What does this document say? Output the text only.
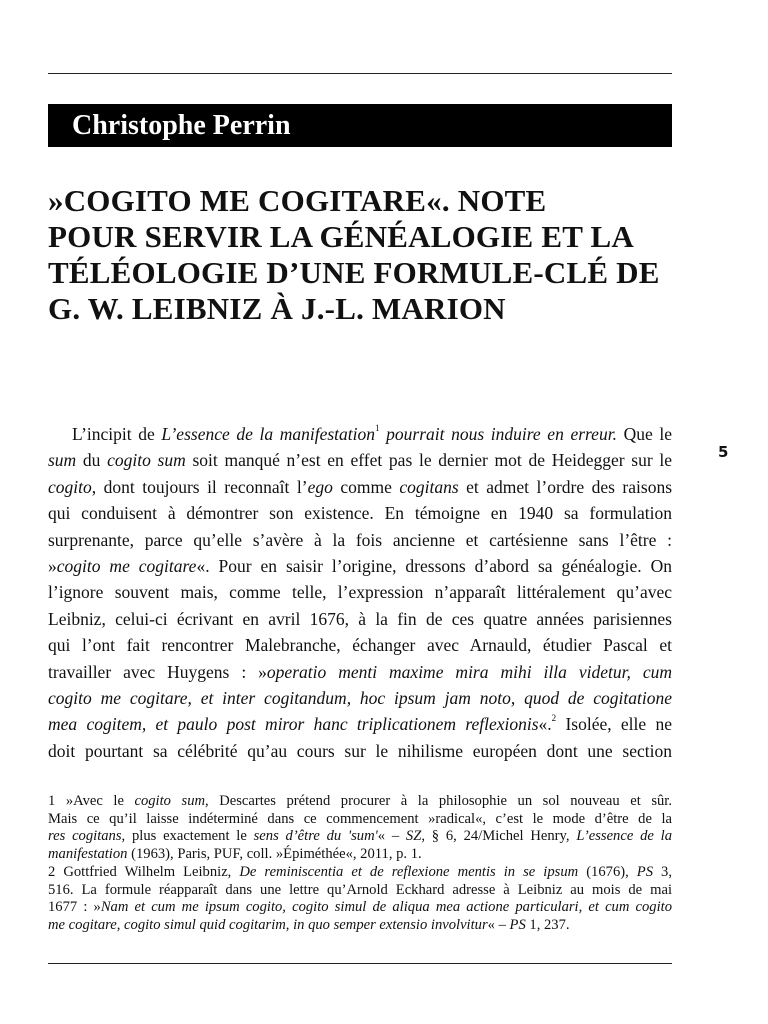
Christophe Perrin
»COGITO ME COGITARE«. NOTE
POUR SERVIR LA GÉNÉALOGIE ET LA
TÉLÉOLOGIE D’UNE FORMULE-CLÉ DE
G. W. LEIBNIZ À J.-L. MARION
5
L’incipit de L’essence de la manifestation$^1$ pourrait nous induire en erreur. Que le
sum du cogito sum soit manqué n’est en effet pas le dernier mot de Heidegger sur le
cogito, dont toujours il reconnaît l’ego comme cogitans et admet l’ordre des raisons
qui conduisent à démontrer son existence. En témoigne en 1940 sa formulation
surprenante, parce qu’elle s’avère à la fois ancienne et cartésienne sans l’être :
»cogito me cogitare«. Pour en saisir l’origine, dressons d’abord sa généalogie. On
l’ignore souvent mais, comme telle, l’expression n’apparaît littéralement qu’avec
Leibniz, celui-ci écrivant en avril 1676, à la fin de ces quatre années parisiennes
qui l’ont fait rencontrer Malebranche, échanger avec Arnauld, étudier Pascal et
travailler avec Huygens : »operatio menti maxime mira mihi illa videtur, cum
cogito me cogitare, et inter cogitandum, hoc ipsum jam noto, quod de cogitatione
mea cogitem, et paulo post miror hanc triplicationem reflexionis«.$^2$ Isolée, elle ne
doit pourtant sa célébrité qu’au cours sur le nihilisme européen dont une section
1 »Avec le cogito sum, Descartes prétend procurer à la philosophie un sol nouveau et sûr.
Mais ce qu’il laisse indéterminé dans ce commencement »radical«, c’est le mode d’être de la
res cogitans, plus exactement le sens d’être du 'sum'« – SZ, § 6, 24/Michel Henry, L’essence de la
manifestation (1963), Paris, PUF, coll. »Épiméthée«, 2011, p. 1.
2 Gottfried Wilhelm Leibniz, De reminiscentia et de reflexione mentis in se ipsum (1676), PS 3,
516. La formule réapparaît dans une lettre qu’Arnold Eckhard adresse à Leibniz au mois de mai
1677 : »Nam et cum me ipsum cogito, cogito simul de aliqua mea actione particulari, et cum cogito
me cogitare, cogito simul quid cogitarim, in quo semper extensio involvitur« – PS 1, 237.
